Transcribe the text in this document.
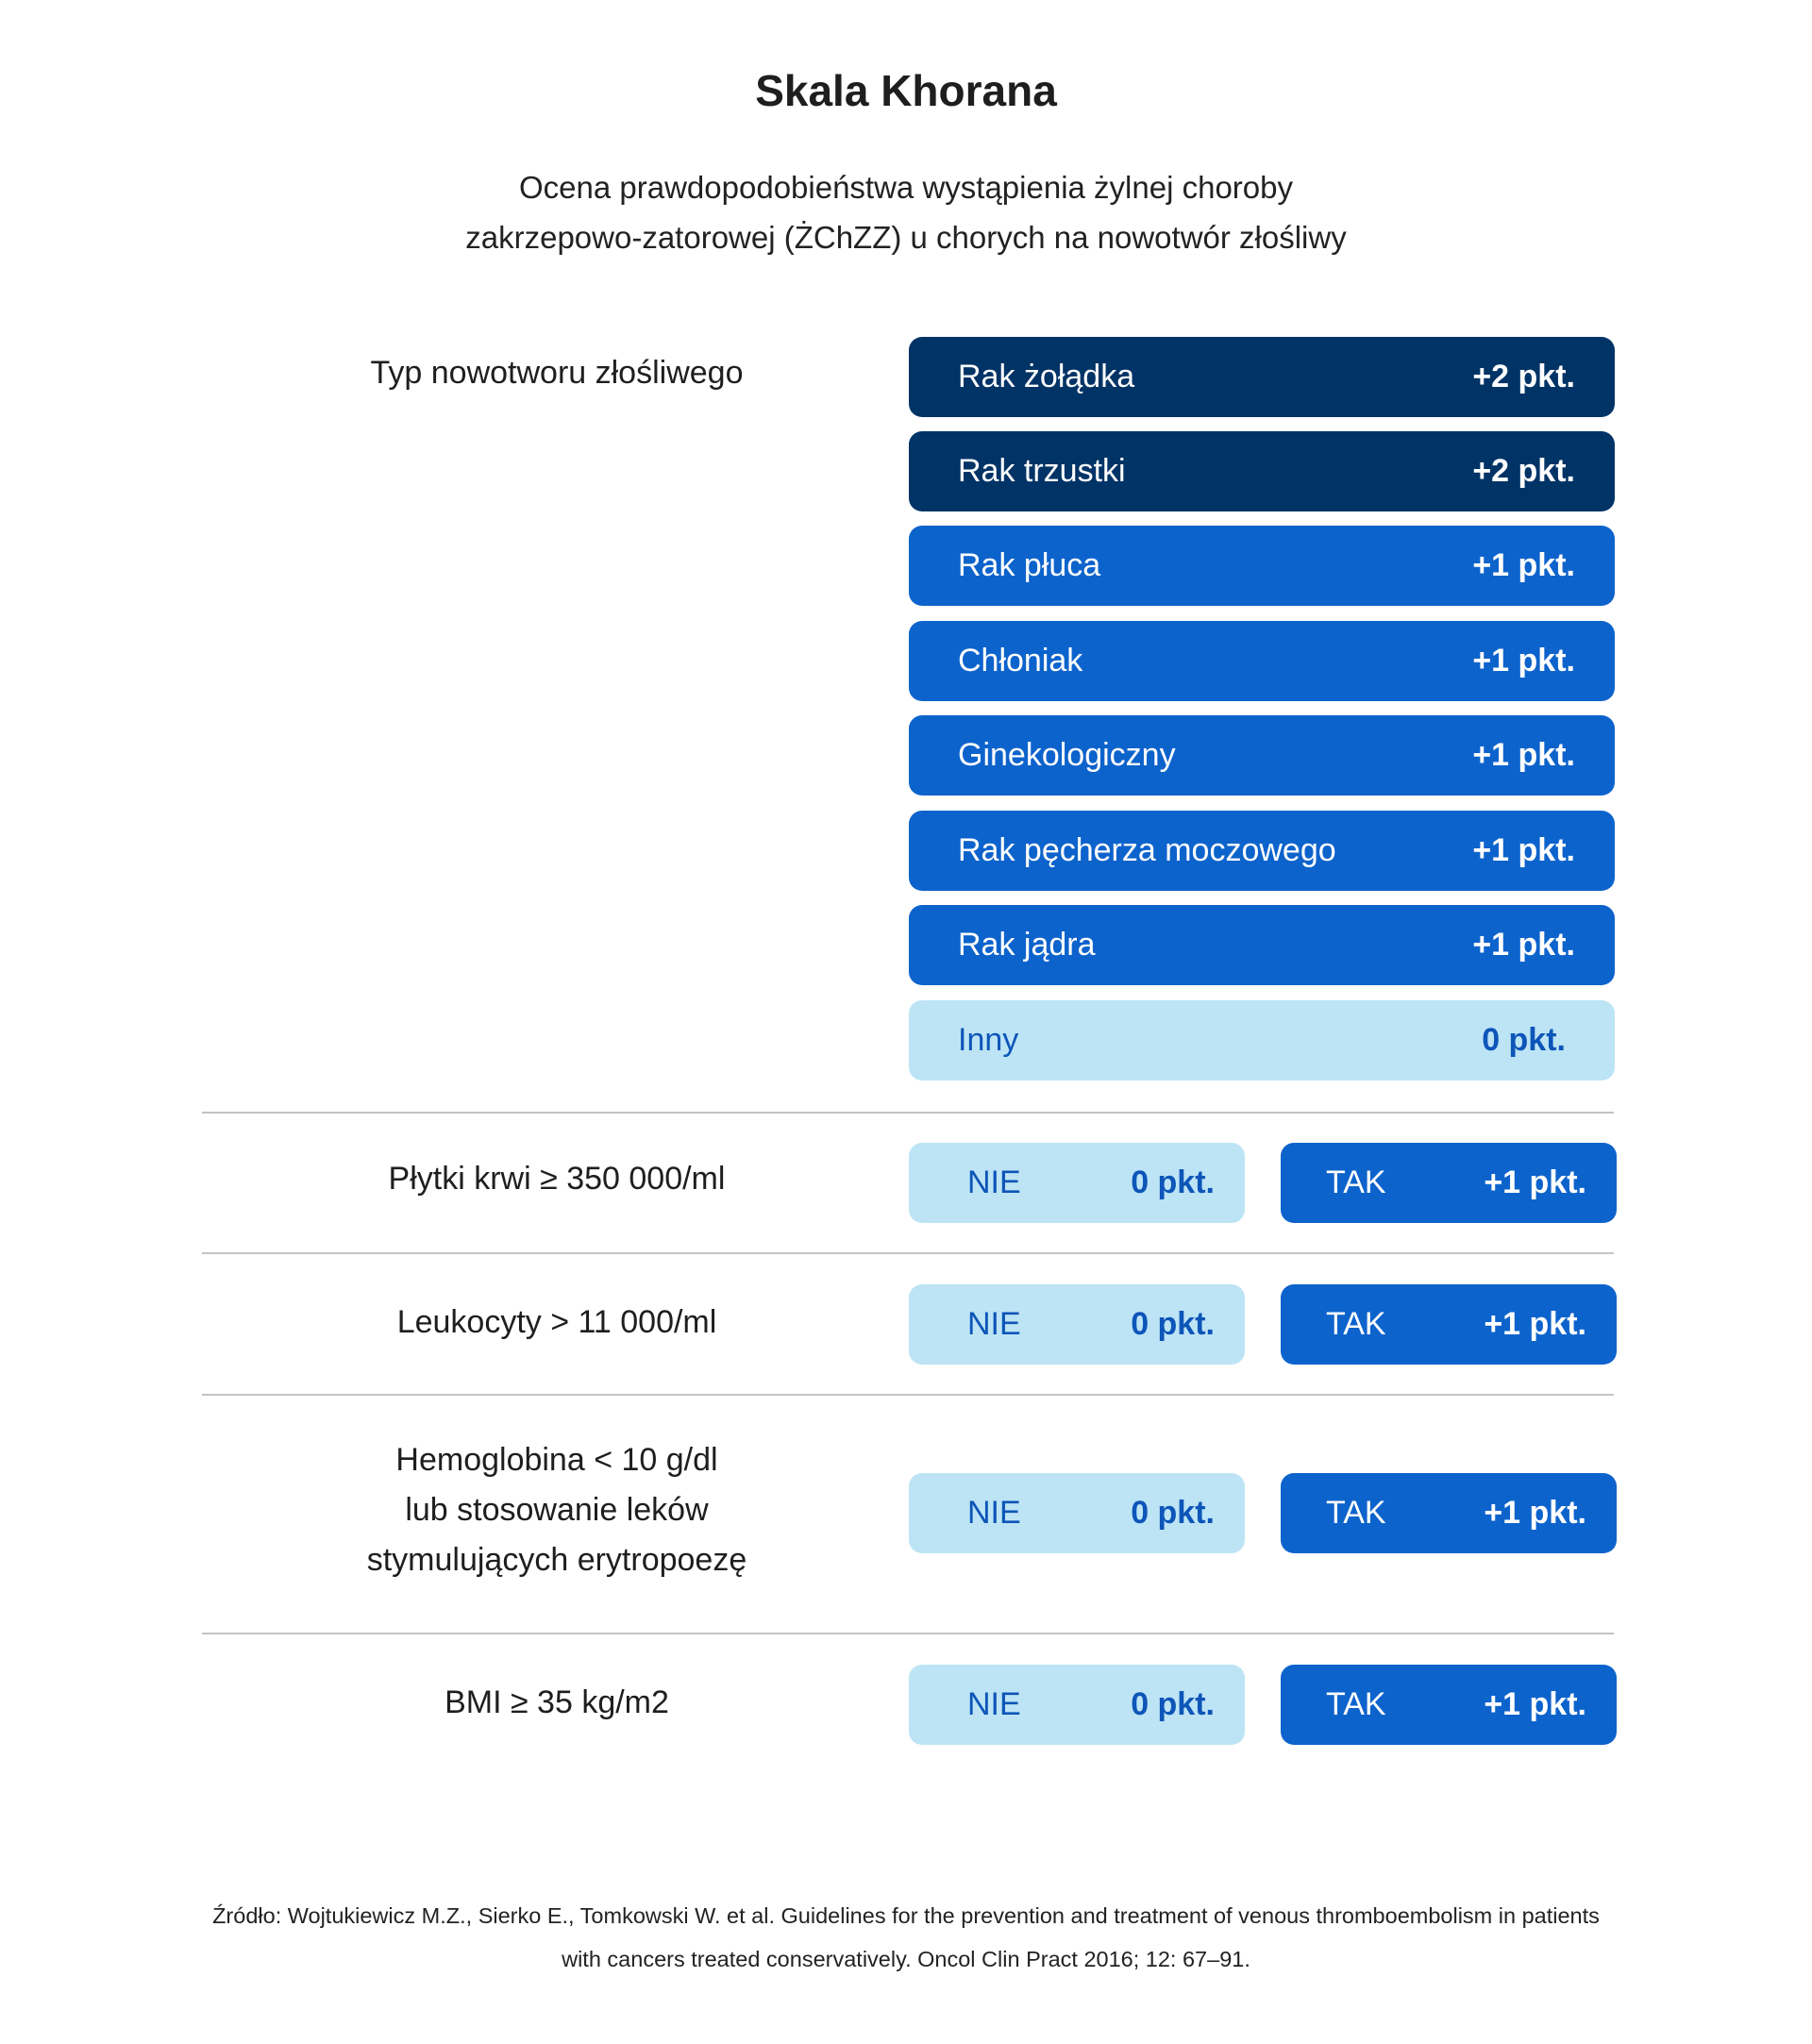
Skala Khorana
Ocena prawdopodobieństwa wystąpienia żylnej choroby
zakrzepowo-zatorowej (ŻChZZ) u chorych na nowotwór złośliwy
Typ nowotworu złośliwego	Rak żołądka	+2 pkt.
Rak trzustki	+2 pkt.
Rak płuca	+1 pkt.
Chłoniak	+1 pkt.
Ginekologiczny	+1 pkt.
Rak pęcherza moczowego	+1 pkt.
Rak jądra	+1 pkt.
Inny	0 pkt.
Płytki krwi ≥ 350 000/ml	NIE	0 pkt.	TAK	+1 pkt.
Leukocyty > 11 000/ml	NIE	0 pkt.	TAK	+1 pkt.
Hemoglobina < 10 g/dl
lub stosowanie leków
stymulujących erytropoezę
NIE	0 pkt.	TAK	+1 pkt.
BMI ≥ 35 kg/m2	NIE	0 pkt.	TAK	+1 pkt.
Źródło: Wojtukiewicz M.Z., Sierko E., Tomkowski W. et al. Guidelines for the prevention and treatment of venous thromboembolism in patients
with cancers treated conservatively. Oncol Clin Pract 2016; 12: 67–91.
